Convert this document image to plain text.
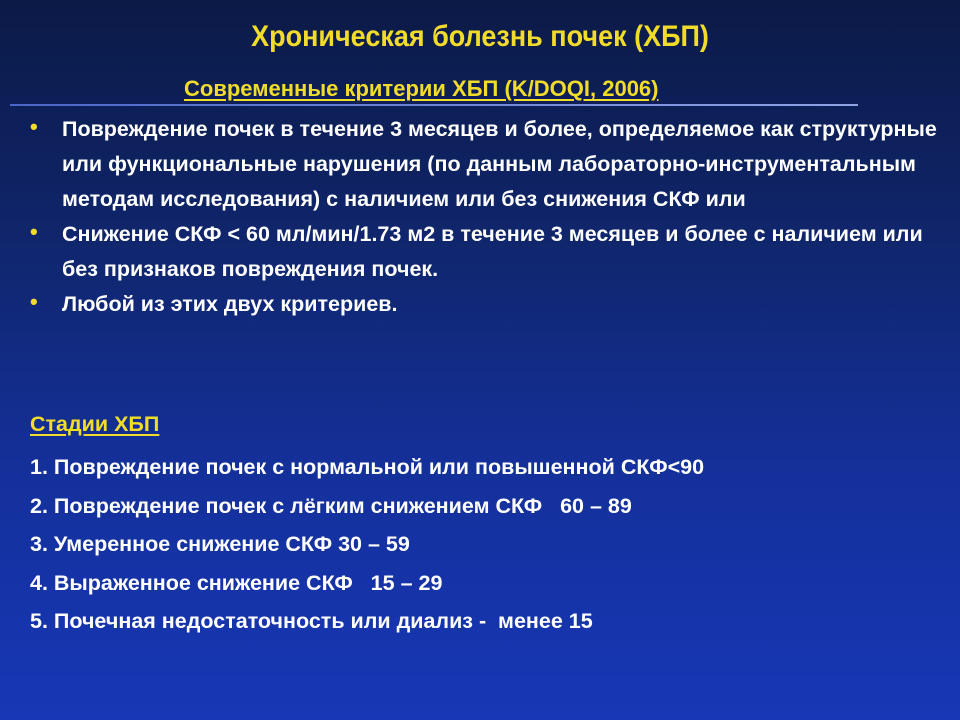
Хроническая болезнь почек (ХБП)
Современные критерии ХБП (K/DOQI, 2006)
• Повреждение почек в течение 3 месяцев и более, определяемое как структурные или функциональные нарушения (по данным лабораторно-инструментальным методам исследования) с наличием или без снижения СКФ или
• Снижение СКФ < 60 мл/мин/1.73 м2 в течение 3 месяцев и более с наличием или без признаков повреждения почек.
• Любой из этих двух критериев.
Стадии ХБП
1. Повреждение почек с нормальной или повышенной СКФ<90
2. Повреждение почек с лёгким снижением СКФ   60 – 89
3. Умеренное снижение СКФ 30 – 59
4. Выраженное снижение СКФ   15 – 29
5. Почечная недостаточность или диализ -  менее 15
